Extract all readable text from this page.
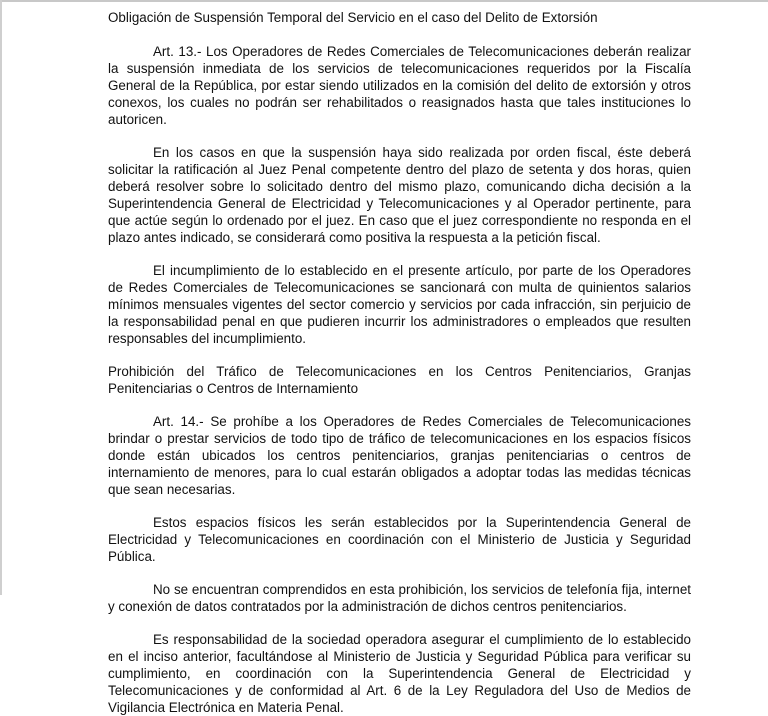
Obligación de Suspensión Temporal del Servicio en el caso del Delito de Extorsión

Art. 13.- Los Operadores de Redes Comerciales de Telecomunicaciones deberán realizar la suspensión inmediata de los servicios de telecomunicaciones requeridos por la Fiscalía General de la República, por estar siendo utilizados en la comisión del delito de extorsión y otros conexos, los cuales no podrán ser rehabilitados o reasignados hasta que tales instituciones lo autoricen.

En los casos en que la suspensión haya sido realizada por orden fiscal, éste deberá solicitar la ratificación al Juez Penal competente dentro del plazo de setenta y dos horas, quien deberá resolver sobre lo solicitado dentro del mismo plazo, comunicando dicha decisión a la Superintendencia General de Electricidad y Telecomunicaciones y al Operador pertinente, para que actúe según lo ordenado por el juez. En caso que el juez correspondiente no responda en el plazo antes indicado, se considerará como positiva la respuesta a la petición fiscal.

El incumplimiento de lo establecido en el presente artículo, por parte de los Operadores de Redes Comerciales de Telecomunicaciones se sancionará con multa de quinientos salarios mínimos mensuales vigentes del sector comercio y servicios por cada infracción, sin perjuicio de la responsabilidad penal en que pudieren incurrir los administradores o empleados que resulten responsables del incumplimiento.

Prohibición del Tráfico de Telecomunicaciones en los Centros Penitenciarios, Granjas Penitenciarias o Centros de Internamiento

Art. 14.- Se prohíbe a los Operadores de Redes Comerciales de Telecomunicaciones brindar o prestar servicios de todo tipo de tráfico de telecomunicaciones en los espacios físicos donde están ubicados los centros penitenciarios, granjas penitenciarias o centros de internamiento de menores, para lo cual estarán obligados a adoptar todas las medidas técnicas que sean necesarias.

Estos espacios físicos les serán establecidos por la Superintendencia General de Electricidad y Telecomunicaciones en coordinación con el Ministerio de Justicia y Seguridad Pública.

No se encuentran comprendidos en esta prohibición, los servicios de telefonía fija, internet y conexión de datos contratados por la administración de dichos centros penitenciarios.

Es responsabilidad de la sociedad operadora asegurar el cumplimiento de lo establecido en el inciso anterior, facultándose al Ministerio de Justicia y Seguridad Pública para verificar su cumplimiento, en coordinación con la Superintendencia General de Electricidad y Telecomunicaciones y de conformidad al Art. 6 de la Ley Reguladora del Uso de Medios de Vigilancia Electrónica en Materia Penal.
